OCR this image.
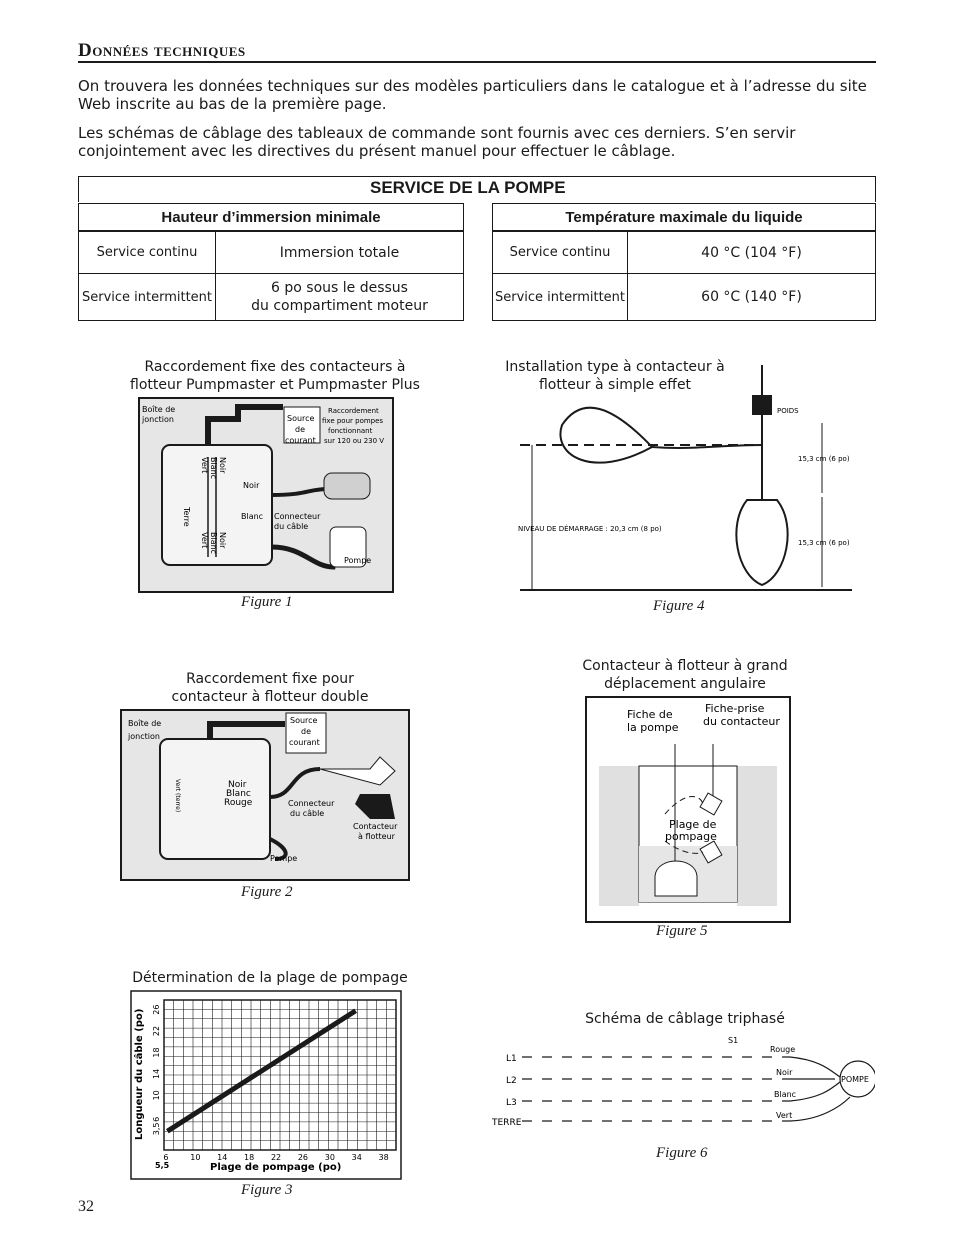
Données techniques
On trouvera les données techniques sur des modèles particuliers dans le catalogue et à l’adresse du site Web inscrite au bas de la première page.
Les schémas de câblage des tableaux de commande sont fournis avec ces derniers. S’en servir conjointement avec les directives du présent manuel pour effectuer le câblage.
SERVICE DE LA POMPE
Hauteur d’immersion minimale	Température maximale du liquide
Service continu	Immersion totale
Service intermittent	6 po sous le dessus
du compartiment moteur
Service continu	40 °C (104 °F)
Service intermittent	60 °C (140 °F)
Raccordement fixe des contacteurs à
flotteur Pumpmaster et Pumpmaster Plus
Boîte de
jonction	Source
de
courant
Raccordement
fixe pour pompes
fonctionnant
sur 120 ou 230 V
Noir
Blanc Connecteur
du câble
Pompe
Terre
Vert Blanc Noir
Vert Blanc Noir
Figure 1
Installation type à contacteur à
flotteur à simple effet
POIDS
15,3 cm (6 po)
15,3 cm (6 po)
NIVEAU DE DÉMARRAGE : 20,3 cm (8 po)
Figure 4
Raccordement fixe pour
contacteur à flotteur double
Boîte de
jonction
Source
de
courant
Noir
Blanc
Rouge	Connecteur
du câble
Contacteur
à flotteur
Pompe
Vert (terre)
Figure 2
Contacteur à flotteur à grand
déplacement angulaire
Fiche de
la pompe
Fiche-prise
du contacteur
Plage de
pompage
Figure 5
Détermination de la plage de pompage
5,5
6	10 14 18 22 26 30 34 38
3,5
6
10
14
18
22
26
Plage de pompage (po)
Longueur du câble (po)
Figure 3
Schéma de câblage triphasé
L1
L2
L3
TERRE
S1
Rouge
Noir
Blanc
Vert
POMPE
Figure 6
32
